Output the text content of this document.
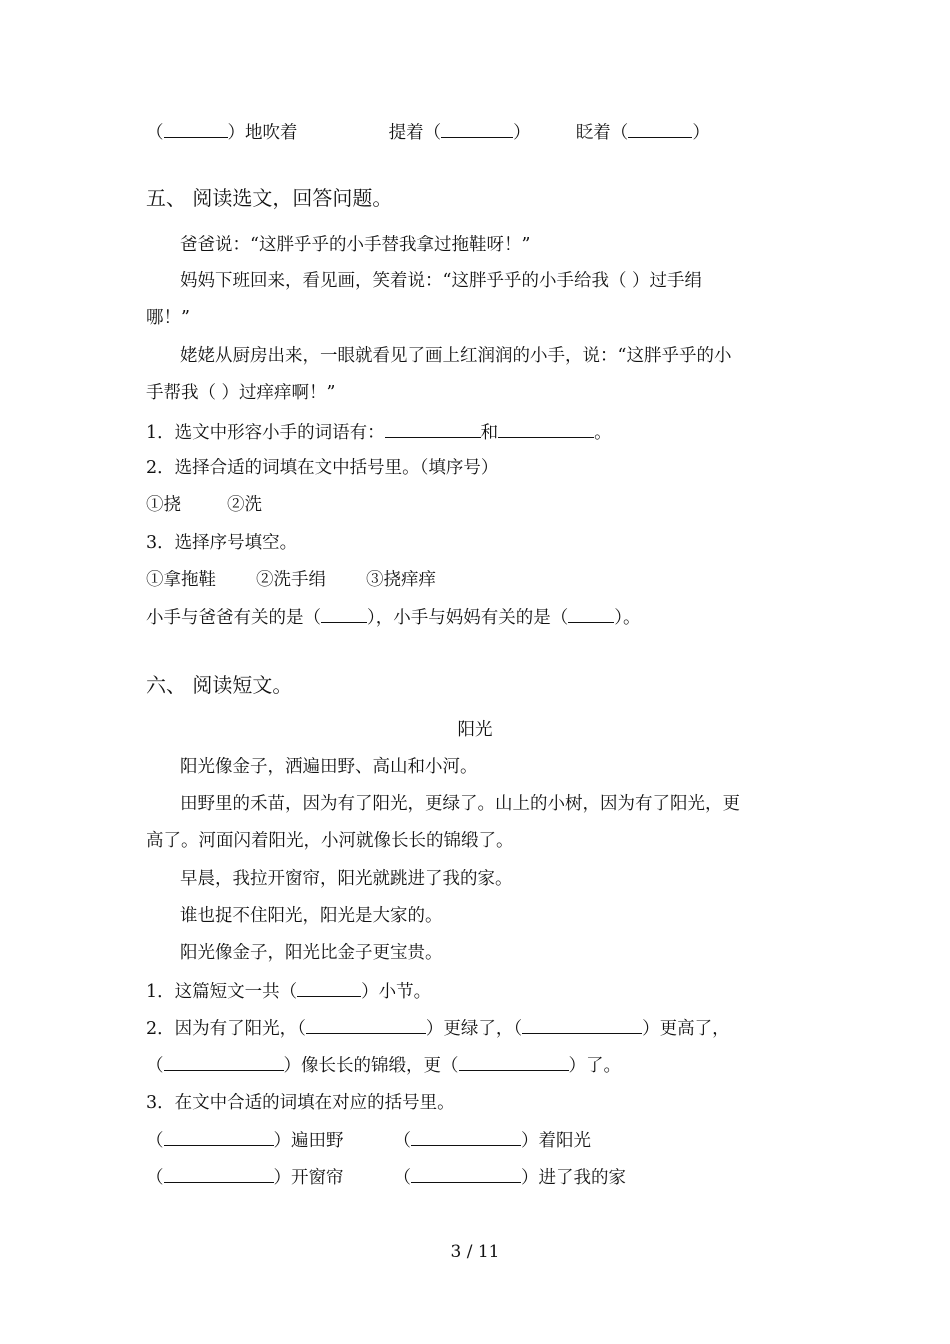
（	）地吹着	提着（	）	眨着（	）
五、 阅读选文，回答问题。
爸爸说：“这胖乎乎的小手替我拿过拖鞋呀！”
妈妈下班回来，看见画，笑着说：“这胖乎乎的小手给我（ ）过手绢
哪！”
姥姥从厨房出来，一眼就看见了画上红润润的小手，说：“这胖乎乎的小
手帮我（ ）过痒痒啊！”
1．选文中形容小手的词语有：	和	。
2．选择合适的词填在文中括号里。（填序号）
①挠	②洗
3．选择序号填空。
①拿拖鞋 ②洗手绢 ③挠痒痒
小手与爸爸有关的是（	），小手与妈妈有关的是（	）。
六、 阅读短文。
阳光
阳光像金子，洒遍田野、高山和小河。
田野里的禾苗，因为有了阳光，更绿了。山上的小树，因为有了阳光，更
高了。河面闪着阳光，小河就像长长的锦缎了。
早晨，我拉开窗帘，阳光就跳进了我的家。
谁也捉不住阳光，阳光是大家的。
阳光像金子，阳光比金子更宝贵。
1．这篇短文一共（	）小节。
2．因为有了阳光，（	）更绿了，（	）更高了，
（	）像长长的锦缎，更（	）了。
3．在文中合适的词填在对应的括号里。
（	）遍田野	（	）着阳光
（	）开窗帘	（	）进了我的家
3 / 11
